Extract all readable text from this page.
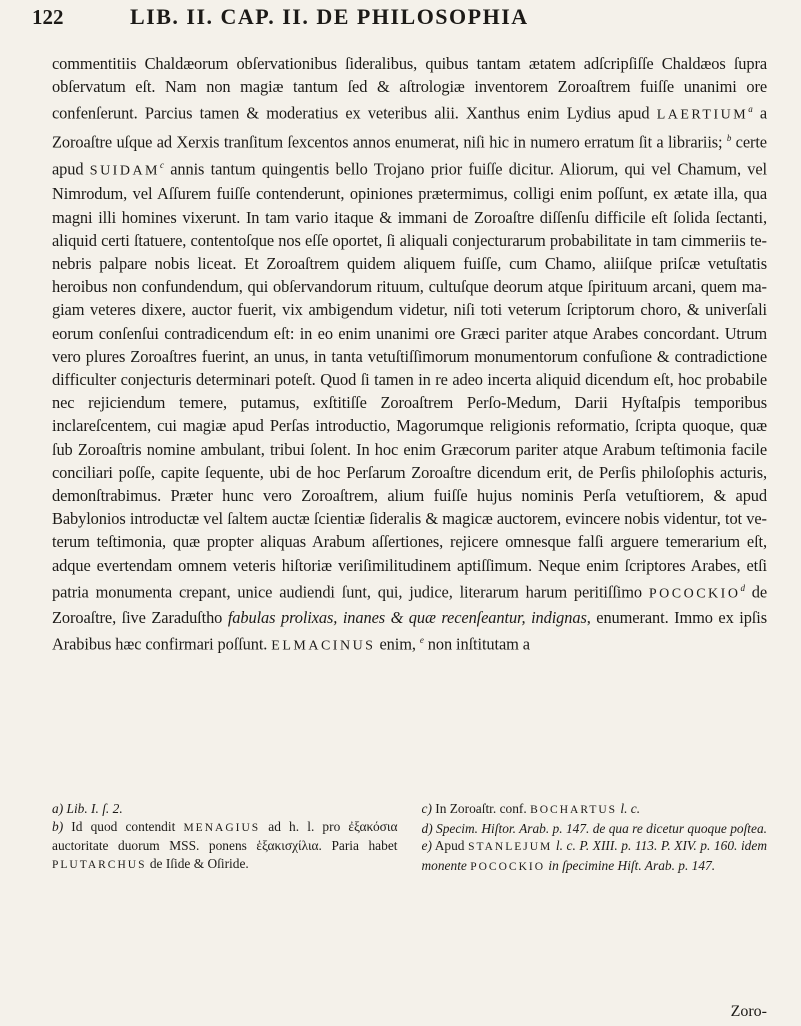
122	LIB. II. CAP. II. DE PHILOSOPHIA

commentitiis Chaldæorum obſervationibus ſideralibus, quibus tantam ætatem adſcripſiſſe Chaldæos ſupra obſervatum eſt. Nam non magiæ tantum ſed & aſtrologiæ inventorem Zoroaſtrem fuiſſe unanimi ore confenſerunt. Parcius tamen & moderatius ex veteribus alii. Xanthus enim Lydius apud LAERTIUM$^a$ a Zoroaſtre uſque ad Xerxis tranſitum ſexcentos annos enumerat, niſi hic in numero erratum ſit a librariis; $^b$ certe apud SUIDAM$^c$ annis tantum quingentis bello Trojano prior fuiſſe dicitur. Aliorum, qui vel Chamum, vel Nimrodum, vel Aſſurem fuiſſe contenderunt, opiniones prætermimus, colligi enim poſſunt, ex ætate illa, qua magni illi homines vixerunt. In tam vario itaque & immani de Zoroaſtre diſſenſu difficile eſt ſolida ſectanti, aliquid certi ſtatuere, contentoſque nos eſſe oportet, ſi aliquali conjecturarum probabilitate in tam cimmeriis tenebris palpare nobis liceat. Et Zoroaſtrem quidem aliquem fuiſſe, cum Chamo, aliiſque priſcæ vetuſtatis heroibus non confundendum, qui obſervandorum rituum, cultuſque deorum atque ſpirituum arcani, quem magiam veteres dixere, auctor fuerit, vix ambigendum videtur, niſi toti veterum ſcriptorum choro, & univerſali eorum conſenſui contradicendum eſt: in eo enim unanimi ore Græci pariter atque Arabes concordant. Utrum vero plures Zoroaſtres fuerint, an unus, in tanta vetuſtiſſimorum monumentorum confuſione & contradictione difficulter conjecturis determinari poteſt. Quod ſi tamen in re adeo incerta aliquid dicendum eſt, hoc probabile nec rejiciendum temere, putamus, exſtitiſſe Zoroaſtrem Perſo-Medum, Darii Hyſtaſpis temporibus inclareſcentem, cui magiæ apud Perſas introductio, Magorumque religionis reformatio, ſcripta quoque, quæ ſub Zoroaſtris nomine ambulant, tribui ſolent. In hoc enim Græcorum pariter atque Arabum teſtimonia facile conciliari poſſe, capite ſequente, ubi de hoc Perſarum Zoroaſtre dicendum erit, de Perſis philoſophis acturis, demonſtrabimus. Præter hunc vero Zoroaſtrem, alium fuiſſe hujus nominis Perſa vetuſtiorem, & apud Babylonios introductæ vel ſaltem auctæ ſcientiæ ſideralis & magicæ auctorem, evincere nobis videntur, tot veterum teſtimonia, quæ propter aliquas Arabum aſſertiones, rejicere omnesque falſi arguere temerarium eſt, adque evertendam omnem veteris hiſtoriæ veriſimilitudinem aptiſſimum. Neque enim ſcriptores Arabes, etſi patria monumenta crepant, unice audiendi ſunt, qui, judice, literarum harum peritiſſimo POCOCKIO$^d$ de Zoroaſtre, ſive Zaraduſtho fabulas prolixas, inanes & quæ recenſeantur, indignas, enumerant. Immo ex ipſis Arabibus hæc confirmari poſſunt. ELMACINUS enim, $^e$ non inſtitutam a

Zoro-

a) Lib. I. ſ. 2.

b) Id quod contendit MENAGIUS ad h. l. pro ἐξακόσια auctoritate duorum MSS. ponens ἑξακισχίλια. Paria habet PLUTARCHUS de Iſide & Oſiride.

c) In Zoroaſtr. conf. BOCHARTUS l. c.

d) Specim. Hiſtor. Arab. p. 147. de qua re dicetur quoque poſtea.

e) Apud STANLEJUM l. c. P. XIII. p. 113. P. XIV. p. 160. idem monente POCOCKIO in ſpecimine Hiſt. Arab. p. 147.
